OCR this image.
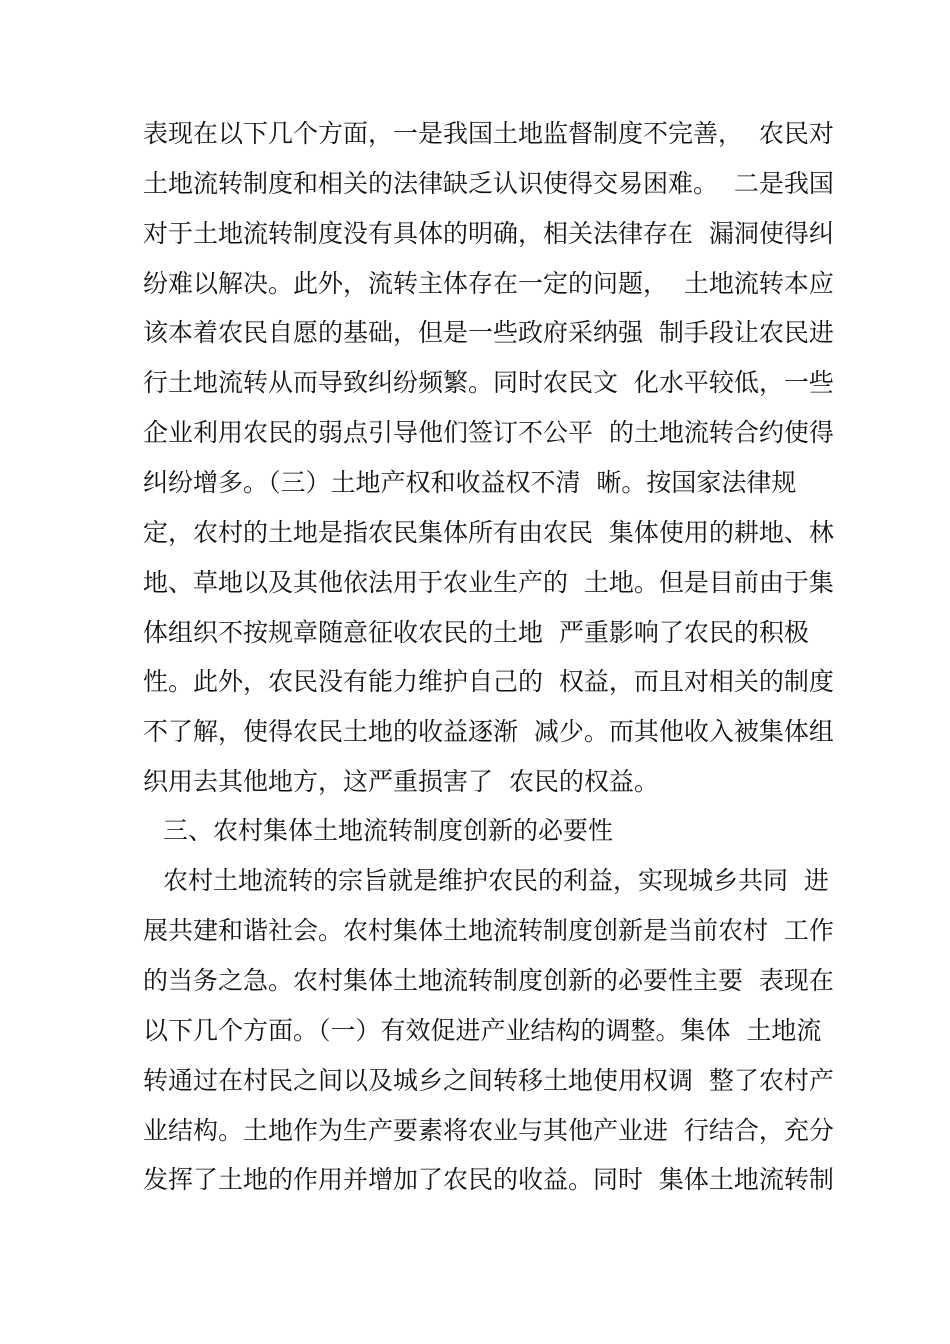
表现在以下几个方面，一是我国土地监督制度不完善，  农民对
土地流转制度和相关的法律缺乏认识使得交易困难。  二是我国
对于土地流转制度没有具体的明确，相关法律存在  漏洞使得纠
纷难以解决。此外，流转主体存在一定的问题，  土地流转本应
该本着农民自愿的基础，但是一些政府采纳强  制手段让农民进
行土地流转从而导致纠纷频繁。同时农民文  化水平较低，一些
企业利用农民的弱点引导他们签订不公平  的土地流转合约使得
纠纷增多。（三）土地产权和收益权不清  晰。按国家法律规
定，农村的土地是指农民集体所有由农民  集体使用的耕地、林
地、草地以及其他依法用于农业生产的  土地。但是目前由于集
体组织不按规章随意征收农民的土地  严重影响了农民的积极
性。此外，农民没有能力维护自己的  权益，而且对相关的制度
不了解，使得农民土地的收益逐渐  减少。而其他收入被集体组
织用去其他地方，这严重损害了  农民的权益。
三、农村集体土地流转制度创新的必要性
农村土地流转的宗旨就是维护农民的利益，实现城乡共同  进
展共建和谐社会。农村集体土地流转制度创新是当前农村  工作
的当务之急。农村集体土地流转制度创新的必要性主要  表现在
以下几个方面。（一）有效促进产业结构的调整。集体  土地流
转通过在村民之间以及城乡之间转移土地使用权调  整了农村产
业结构。土地作为生产要素将农业与其他产业进  行结合，充分
发挥了土地的作用并增加了农民的收益。同时  集体土地流转制
